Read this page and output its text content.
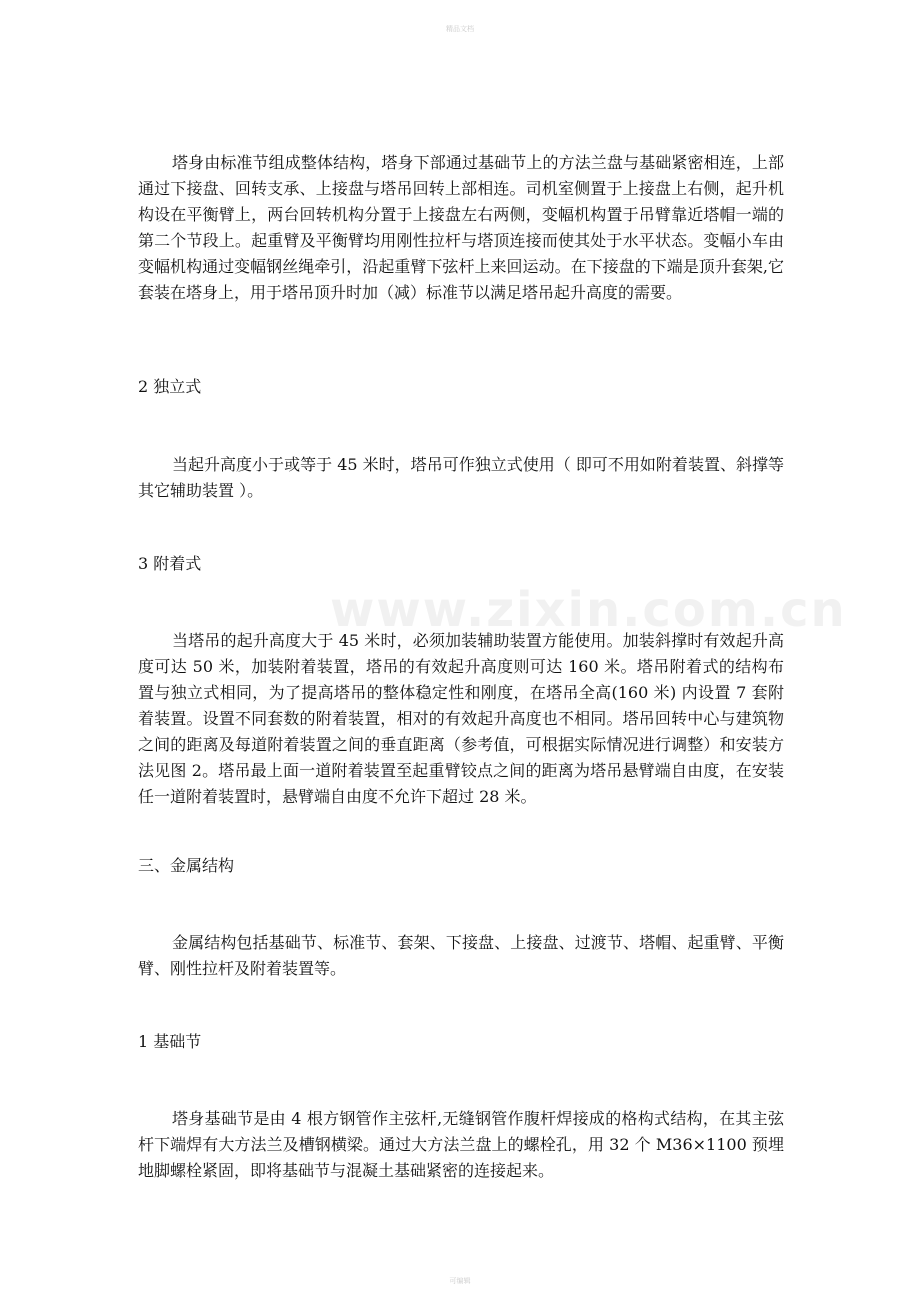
精品文档
www.zixin.com.cn

塔身由标准节组成整体结构，塔身下部通过基础节上的方法兰盘与基础紧密相连，上部通过下接盘、回转支承、上接盘与塔吊回转上部相连。司机室侧置于上接盘上右侧，起升机构设在平衡臂上，两台回转机构分置于上接盘左右两侧，变幅机构置于吊臂靠近塔帽一端的第二个节段上。起重臂及平衡臂均用刚性拉杆与塔顶连接而使其处于水平状态。变幅小车由变幅机构通过变幅钢丝绳牵引，沿起重臂下弦杆上来回运动。在下接盘的下端是顶升套架,它套装在塔身上，用于塔吊顶升时加（减）标准节以满足塔吊起升高度的需要。

2 独立式

当起升高度小于或等于 45 米时，塔吊可作独立式使用（ 即可不用如附着装置、斜撑等其它辅助装置 ）。

3 附着式

当塔吊的起升高度大于 45 米时，必须加装辅助装置方能使用。加装斜撑时有效起升高度可达 50 米，加装附着装置，塔吊的有效起升高度则可达 160 米。塔吊附着式的结构布置与独立式相同，为了提高塔吊的整体稳定性和刚度，在塔吊全高(160 米) 内设置 7 套附着装置。设置不同套数的附着装置，相对的有效起升高度也不相同。塔吊回转中心与建筑物之间的距离及每道附着装置之间的垂直距离（参考值，可根据实际情况进行调整）和安装方法见图 2。塔吊最上面一道附着装置至起重臂铰点之间的距离为塔吊悬臂端自由度，在安装任一道附着装置时，悬臂端自由度不允许下超过 28 米。

三、金属结构

金属结构包括基础节、标准节、套架、下接盘、上接盘、过渡节、塔帽、起重臂、平衡臂、刚性拉杆及附着装置等。

1 基础节

塔身基础节是由 4 根方钢管作主弦杆,无缝钢管作腹杆焊接成的格构式结构，在其主弦杆下端焊有大方法兰及槽钢横梁。通过大方法兰盘上的螺栓孔，用 32 个 M36×1100 预埋地脚螺栓紧固，即将基础节与混凝土基础紧密的连接起来。

可编辑
